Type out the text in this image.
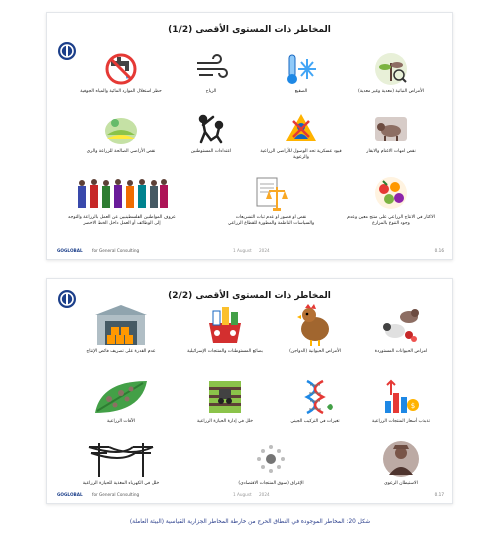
المخاطر ذات المستوى الأقصى (1/2)
حظر استغلال الموارد المائية والمياه الجوفية	الرياح	الصقيع	الأمراض النباتية (معدية وغير معدية)
نقص الأراضي الصالحة للزراعة والري	اعتداءات المستوطنين	قيود عسكرية تحد الوصول للأراضي الزراعية والرعوية
نقص امهات الاغنام والابقار
عزوف المواطنين الفلسطينيين عن العمل بالزراعة والتوجه إلى الوظائف أو العمل داخل الخط الاخضر
نقص او قصور او عدم ثبات التشريعات والسياسات الناظمة والمطورة للقطاع الزراعي
الاكثار في الانتاج الزراعي على منتج معين وعدم وجود التنوع بالمزارع
GOGLOBAL for General Consulting	1 August 2024	0.16
المخاطر ذات المستوى الأقصى (2/2)
عدم القدرة على تصريف فائض الإنتاج	بضائع المستوطنات والمنتجات الإسرائيلية	الأمراض الحيوانية (الدواجن)	امراض الحيوانات المستوردة
الآفات الزراعية	خلل في إدارة الحيازة الزراعية	تغيرات في التركيب الجيني
$
تذبذب أسعار المنتجات الزراعية
خلل في الكهرباء المغذية للحيازة الزراعية	الإغراق (سوق المنتجات الاقتصادي)	الاستيطان الرعوي
GOGLOBAL for General Consulting	1 August 2024	0.17
شكل 20: المخاطر الموجودة في النطاق الحرج من خارطة المخاطر الجزارية القياسية (البيئة العاملة)
